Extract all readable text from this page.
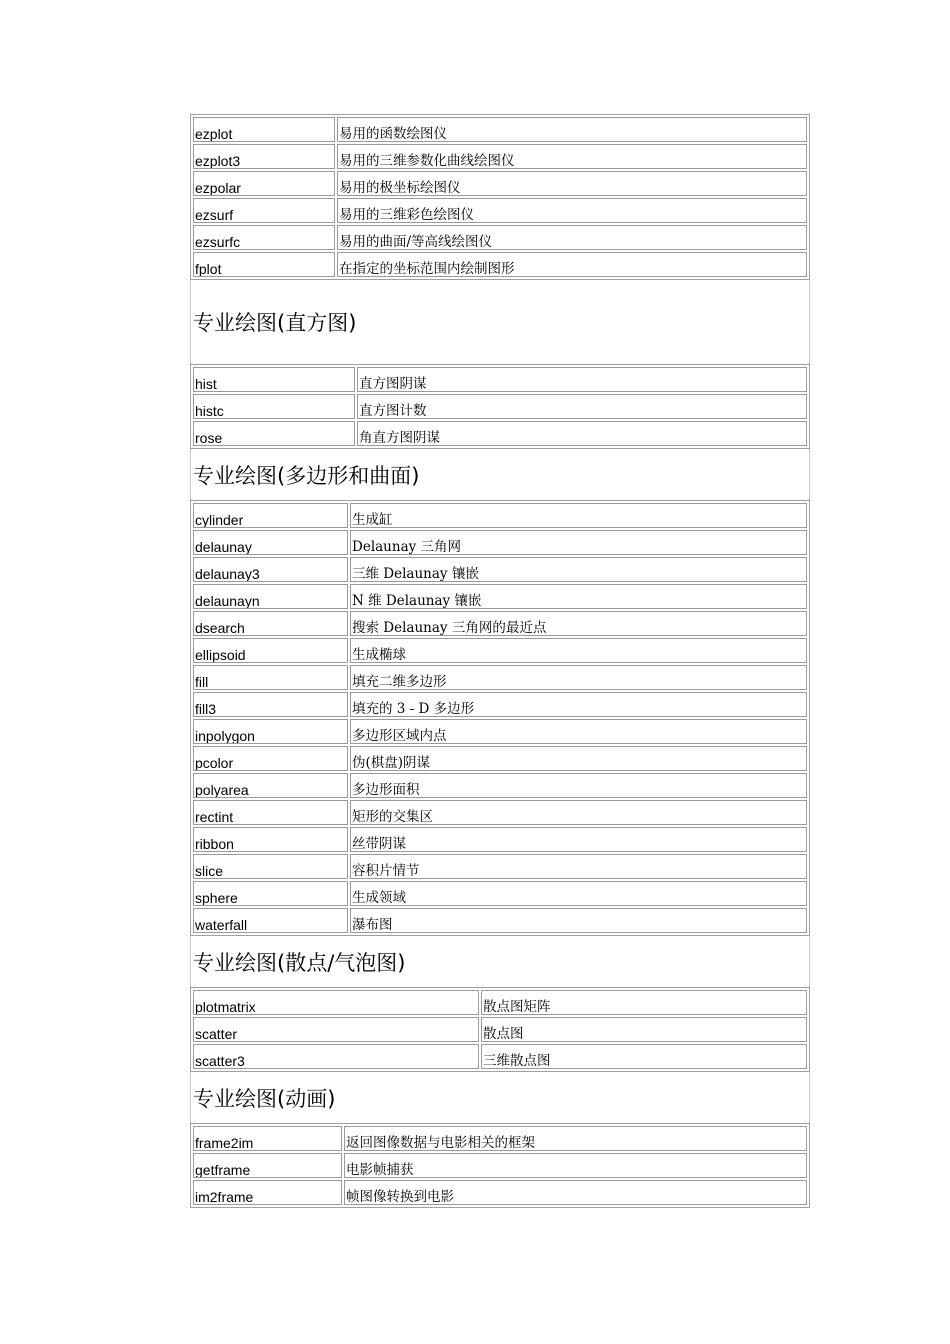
ezplot	易用的函数绘图仪
ezplot3	易用的三维参数化曲线绘图仪
ezpolar	易用的极坐标绘图仪
ezsurf	易用的三维彩色绘图仪
ezsurfc	易用的曲面/等高线绘图仪
fplot	在指定的坐标范围内绘制图形
专业绘图(直方图)
hist	直方图阴谋
histc	直方图计数
rose	角直方图阴谋
专业绘图(多边形和曲面)
cylinder	生成缸
delaunay	Delaunay 三角网
delaunay3	三维 Delaunay 镶嵌
delaunayn	N 维 Delaunay 镶嵌
dsearch	搜索 Delaunay 三角网的最近点
ellipsoid	生成椭球
fill	填充二维多边形
fill3	填充的 3 - D 多边形
inpolygon	多边形区域内点
pcolor	伪(棋盘)阴谋
polyarea	多边形面积
rectint	矩形的交集区
ribbon	丝带阴谋
slice	容积片情节
sphere	生成领域
waterfall	瀑布图
专业绘图(散点/气泡图)
plotmatrix	散点图矩阵
scatter	散点图
scatter3	三维散点图
专业绘图(动画)
frame2im	返回图像数据与电影相关的框架
getframe	电影帧捕获
im2frame	帧图像转换到电影
